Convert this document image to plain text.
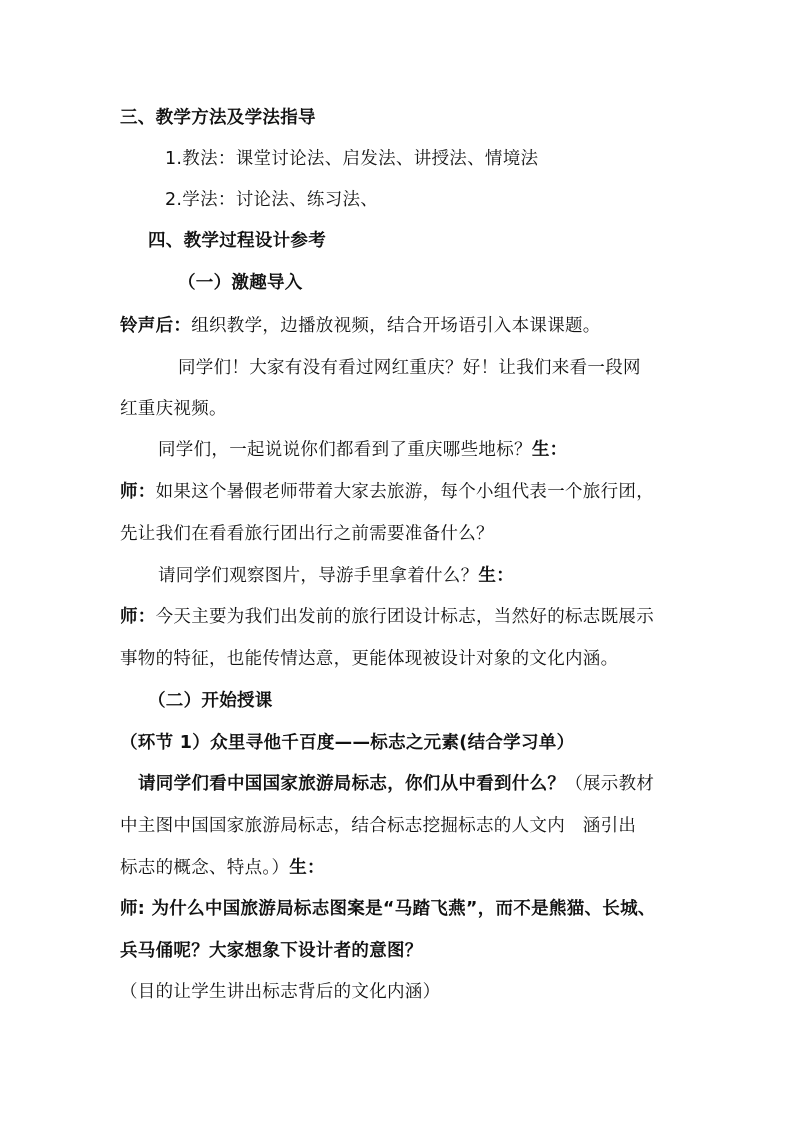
三、教学方法及学法指导
1.教法：课堂讨论法、启发法、讲授法、情境法
2.学法：讨论法、练习法、
四、教学过程设计参考
（一）激趣导入
铃声后：组织教学，边播放视频，结合开场语引入本课课题。
同学们！大家有没有看过网红重庆？好！让我们来看一段网
红重庆视频。
同学们，一起说说你们都看到了重庆哪些地标？生：
师：如果这个暑假老师带着大家去旅游，每个小组代表一个旅行团，
先让我们在看看旅行团出行之前需要准备什么？
请同学们观察图片，导游手里拿着什么？生：
师：今天主要为我们出发前的旅行团设计标志，当然好的标志既展示
事物的特征，也能传情达意，更能体现被设计对象的文化内涵。
（二）开始授课
（环节 1）众里寻他千百度——标志之元素(结合学习单）
请同学们看中国国家旅游局标志，你们从中看到什么？（展示教材
中主图中国国家旅游局标志，结合标志挖掘标志的人文内　涵引出
标志的概念、特点。）生：
师: 为什么中国旅游局标志图案是“马踏飞燕”，而不是熊猫、长城、
兵马俑呢？大家想象下设计者的意图？
（目的让学生讲出标志背后的文化内涵）
